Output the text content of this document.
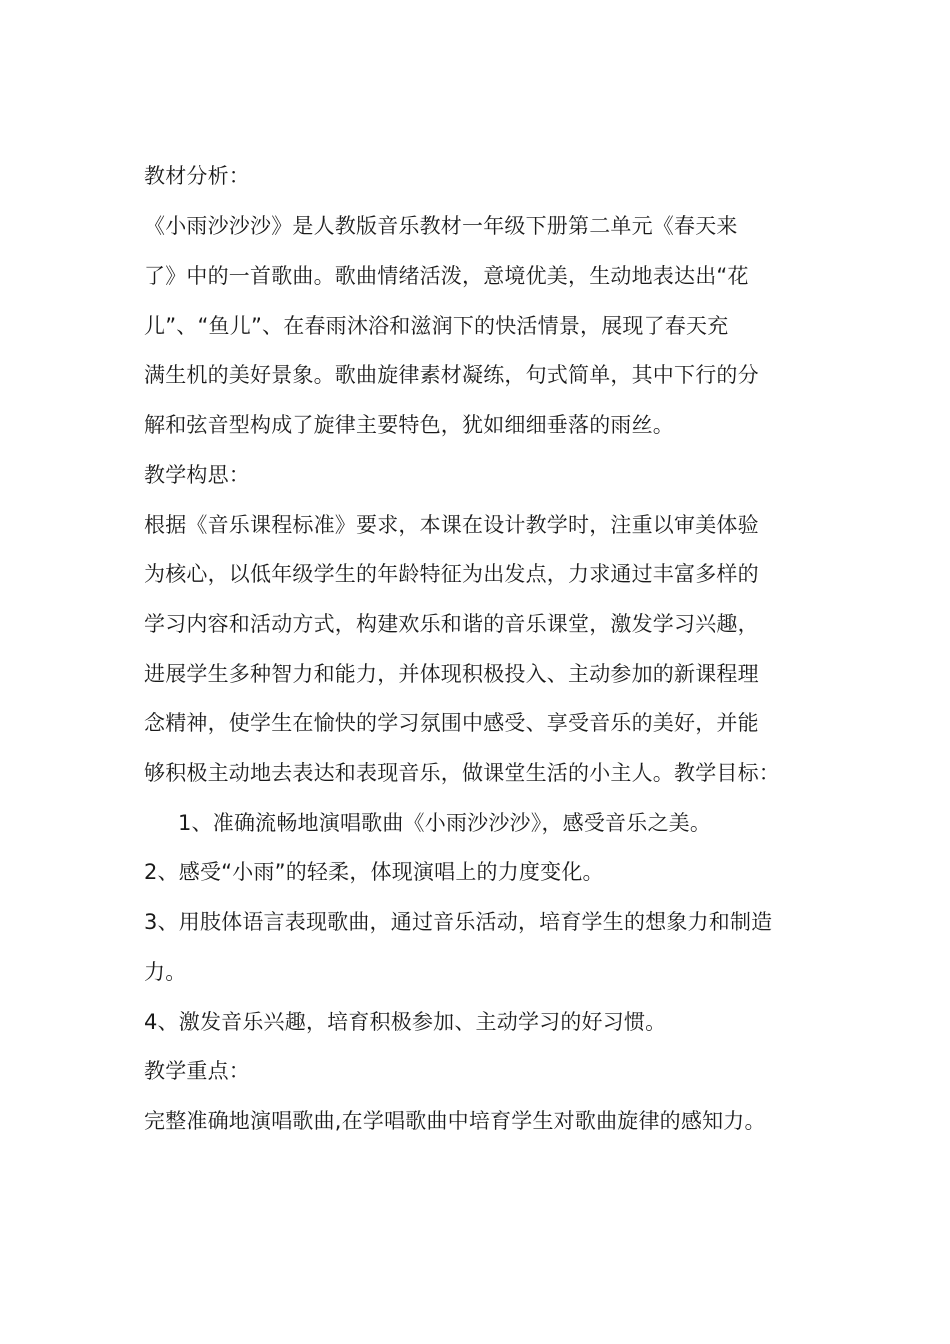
教材分析：
《小雨沙沙沙》是人教版音乐教材一年级下册第二单元《春天来
了》中的一首歌曲。歌曲情绪活泼，意境优美，生动地表达出“花
儿”、“鱼儿”、在春雨沐浴和滋润下的快活情景，展现了春天充
满生机的美好景象。歌曲旋律素材凝练，句式简单，其中下行的分
解和弦音型构成了旋律主要特色，犹如细细垂落的雨丝。
教学构思：
根据《音乐课程标准》要求，本课在设计教学时，注重以审美体验
为核心，以低年级学生的年龄特征为出发点，力求通过丰富多样的
学习内容和活动方式，构建欢乐和谐的音乐课堂，激发学习兴趣，
进展学生多种智力和能力，并体现积极投入、主动参加的新课程理
念精神，使学生在愉快的学习氛围中感受、享受音乐的美好，并能
够积极主动地去表达和表现音乐，做课堂生活的小主人。教学目标：
1、准确流畅地演唱歌曲《小雨沙沙沙》，感受音乐之美。
2、感受“小雨”的轻柔，体现演唱上的力度变化。
3、用肢体语言表现歌曲，通过音乐活动，培育学生的想象力和制造
力。
4、激发音乐兴趣，培育积极参加、主动学习的好习惯。
教学重点：
完整准确地演唱歌曲,在学唱歌曲中培育学生对歌曲旋律的感知力。
